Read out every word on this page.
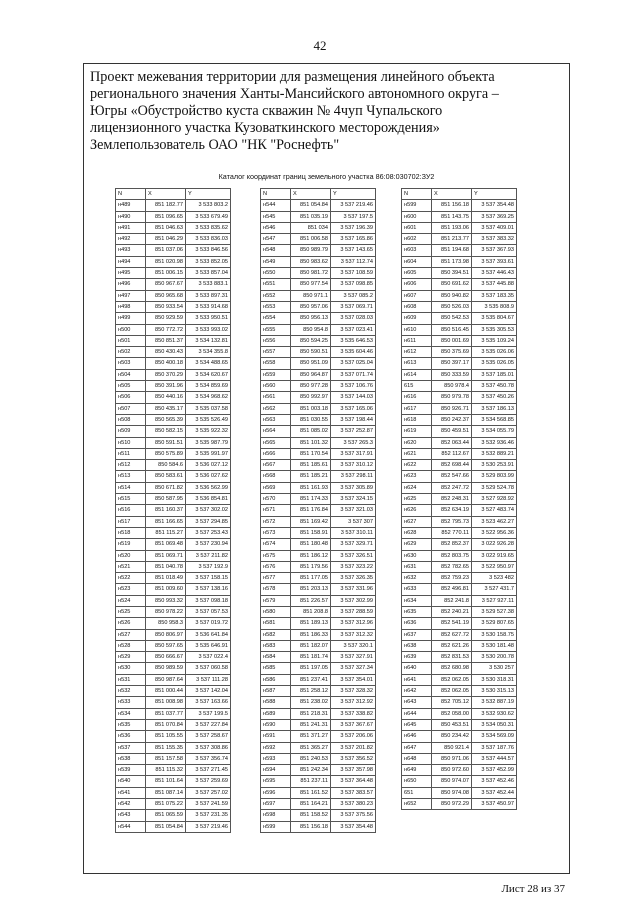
42
Проект межевания территории для размещения линейного объекта
регионального значения Ханты-Мансийского автономного округа –
Югры «Обустройство куста скважин № 4чуп Чупальского
лицензионного участка Кузоваткинского месторождения»
Землепользователь ОАО "НК "Роснефть"
Каталог координат границ земельного участка 86:08:030702:ЗУ2
N	X	Y
н489	851 182.77	3 533 803.2
н490	851 096.65	3 533 679.49
н491	851 046.63	3 533 835.62
н492	851 046.29	3 533 836.03
н493	851 037.06	3 533 846.56
н494	851 020.98	3 533 852.05
н495	851 006.15	3 533 857.04
н496	850 967.67	3 533 883.1
н497	850 965.68	3 533 897.31
н498	850 933.54	3 533 914.68
н499	850 929.59	3 533 950.51
н500	850 772.72	3 533 993.02
н501	850 851.37	3 534 132.81
н502	850 430.43	3 534 355.8
н503	850 400.18	3 534 488.65
н504	850 370.29	3 534 620.67
н505	850 391.96	3 534 859.69
н506	850 440.16	3 534 968.62
н507	850 435.17	3 535 037.58
н508	850 565.39	3 535 526.49
н509	850 582.15	3 535 922.32
н510	850 591.51	3 535 987.79
н511	850 575.89	3 535 991.97
н512	850 584.6	3 536 027.12
н513	850 583.61	3 536 027.62
н514	850 671.82	3 536 562.99
н515	850 587.95	3 536 854.81
н516	851 160.37	3 537 302.02
н517	851 166.65	3 537 294.85
н518	851 115.27	3 537 253.43
н519	851 069.48	3 537 230.94
н520	851 069.71	3 537 211.82
н521	851 040.78	3 537 192.9
н522	851 018.49	3 537 158.15
н523	851 009.60	3 537 138.16
н524	850 993.32	3 537 098.18
н525	850 978.22	3 537 057.53
н526	850 958.3	3 537 019.72
н527	850 806.97	3 536 641.84
н528	850 597.65	3 535 646.91
н529	850 666.67	3 537 022.4
н530	850 989.59	3 537 060.58
н531	850 987.64	3 537 111.28
н532	851 000.44	3 537 142.04
н533	851 008.98	3 537 163.66
н534	851 037.77	3 537 199.5
н535	851 070.84	3 537 227.84
н536	851 105.55	3 537 258.67
н537	851 155.35	3 537 308.86
н538	851 157.58	3 537 356.74
н539	851 115.32	3 537 271.45
н540	851 101.64	3 537 259.69
н541	851 087.14	3 537 257.02
н542	851 075.22	3 537 241.59
н543	851 065.59	3 537 231.35
н544	851 054.84	3 537 219.46
N	X	Y
н544	851 054.84	3 537 219.46
н545	851 035.19	3 537 197.5
н546	851 034	3 537 196.39
н547	851 006.58	3 537 165.86
н548	850 989.79	3 537 143.65
н549	850 983.62	3 537 112.74
н550	850 981.72	3 537 108.59
н551	850 977.54	3 537 098.85
н552	850 971.1	3 537 085.2
н553	850 957.06	3 537 069.71
н554	850 956.13	3 537 028.03
н555	850 954.8	3 537 023.41
н556	850 594.25	3 535 646.53
н557	850 590.51	3 535 604.46
н558	850 951.09	3 537 025.04
н559	850 964.87	3 537 071.74
н560	850 977.28	3 537 106.76
н561	850 992.97	3 537 144.03
н562	851 003.18	3 537 165.06
н563	851 030.55	3 537 198.44
н564	851 085.02	3 537 252.87
н565	851 101.32	3 537 265.3
н566	851 170.54	3 537 317.91
н567	851 185.61	3 537 310.12
н568	851 185.21	3 537 298.11
н569	851 161.93	3 537 305.89
н570	851 174.33	3 537 324.15
н571	851 176.84	3 537 321.03
н572	851 169.42	3 537 307
н573	851 158.91	3 537 310.11
н574	851 180.48	3 537 329.71
н575	851 186.12	3 537 326.51
н576	851 179.56	3 537 323.22
н577	851 177.05	3 537 326.35
н578	851 203.13	3 537 331.96
н579	851 226.57	3 537 302.99
н580	851 208.8	3 537 288.59
н581	851 189.13	3 537 312.96
н582	851 186.33	3 537 312.32
н583	851 182.07	3 537 320.1
н584	851 181.74	3 537 327.91
н585	851 197.05	3 537 327.34
н586	851 237.41	3 537 354.01
н587	851 258.12	3 537 328.32
н588	851 238.02	3 537 312.92
н589	851 218.31	3 537 338.82
н590	851 241.31	3 537 367.67
н591	851 371.27	3 537 206.06
н592	851 365.27	3 537 201.82
н593	851 240.53	3 537 356.52
н594	851 242.34	3 537 357.98
н595	851 237.11	3 537 364.48
н596	851 161.52	3 537 383.57
н597	851 164.21	3 537 380.23
н598	851 158.52	3 537 375.56
н599	851 156.18	3 537 354.48
N	X	Y
н599	851 156.18	3 537 354.48
н600	851 143.75	3 537 369.25
н601	851 193.06	3 537 409.01
н602	851 213.77	3 537 383.32
н603	851 194.68	3 537 367.93
н604	851 173.98	3 537 393.61
н605	850 394.51	3 537 446.43
н606	850 691.62	3 537 445.88
н607	850 940.82	3 537 183.35
н608	850 526.03	3 535 808.9
н609	850 542.53	3 535 804.67
н610	850 516.45	3 535 305.53
н611	850 001.69	3 535 109.24
н612	850 375.69	3 535 026.06
н613	850 397.17	3 535 026.05
н614	850 333.59	3 537 185.01
615	850 978.4	3 537 450.78
н616	850 979.78	3 537 450.26
н617	850 926.71	3 537 186.13
н618	850 242.37	3 534 568.85
н619	850 459.51	3 534 055.79
н620	852 063.44	3 532 936.46
н621	852 112.67	3 532 889.21
н622	852 698.44	3 530 253.91
н623	852 547.66	3 529 803.99
н624	852 247.72	3 529 524.78
н625	852 248.31	3 527 928.92
н626	852 634.19	3 527 483.74
н627	852 795.73	3 523 462.27
н628	852 770.11	3 522 956.36
н629	852 852.37	3 022 926.28
н630	852 803.75	3 022 919.65
н631	852 782.65	3 522 950.97
н632	852 759.23	3 523 482
н633	852 496.81	3 527 431.7
н634	852 241.8	3 527 927.11
н635	852 240.21	3 529 527.38
н636	852 541.19	3 529 807.65
н637	852 627.72	3 530 158.75
н638	852 621.26	3 530 181.48
н639	852 831.53	3 530 200.78
н640	852 680.98	3 530 257
н641	852 062.05	3 530 318.31
н642	852 062.05	3 530 315.13
н643	852 705.12	3 532 887.19
н644	852 058.00	3 532 930.62
н645	850 453.51	3 534 050.31
н646	850 234.42	3 534 569.09
н647	850 921.4	3 537 187.76
н648	850 971.06	3 537 444.57
н649	850 972.60	3 537 452.99
н650	850 974.07	3 537 452.46
651	850 974.08	3 537 452.44
н652	850 972.29	3 537 450.97
Лист 28 из 37
